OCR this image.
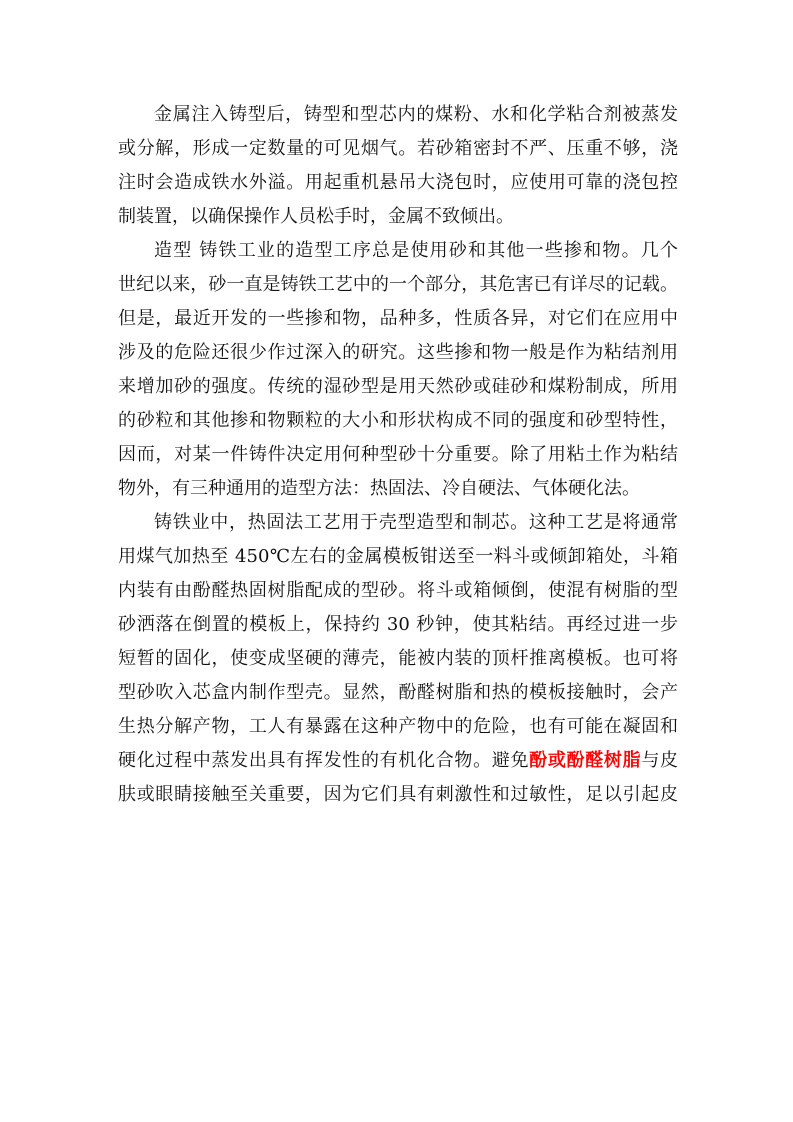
金属注入铸型后，铸型和型芯内的煤粉、水和化学粘合剂被蒸发
或分解，形成一定数量的可见烟气。若砂箱密封不严、压重不够，浇
注时会造成铁水外溢。用起重机悬吊大浇包时，应使用可靠的浇包控
制装置，以确保操作人员松手时，金属不致倾出。
造型 铸铁工业的造型工序总是使用砂和其他一些掺和物。几个
世纪以来，砂一直是铸铁工艺中的一个部分，其危害已有详尽的记载。
但是，最近开发的一些掺和物，品种多，性质各异，对它们在应用中
涉及的危险还很少作过深入的研究。这些掺和物一般是作为粘结剂用
来增加砂的强度。传统的湿砂型是用天然砂或硅砂和煤粉制成，所用
的砂粒和其他掺和物颗粒的大小和形状构成不同的强度和砂型特性，
因而，对某一件铸件决定用何种型砂十分重要。除了用粘土作为粘结
物外，有三种通用的造型方法：热固法、冷自硬法、气体硬化法。
铸铁业中，热固法工艺用于壳型造型和制芯。这种工艺是将通常
用煤气加热至 450℃左右的金属模板钳送至一料斗或倾卸箱处，斗箱
内装有由酚醛热固树脂配成的型砂。将斗或箱倾倒，使混有树脂的型
砂洒落在倒置的模板上，保持约 30 秒钟，使其粘结。再经过进一步
短暂的固化，使变成坚硬的薄壳，能被内装的顶杆推离模板。也可将
型砂吹入芯盒内制作型壳。显然，酚醛树脂和热的模板接触时，会产
生热分解产物，工人有暴露在这种产物中的危险，也有可能在凝固和
硬化过程中蒸发出具有挥发性的有机化合物。避免酚或酚醛树脂与皮
肤或眼睛接触至关重要，因为它们具有刺激性和过敏性，足以引起皮
